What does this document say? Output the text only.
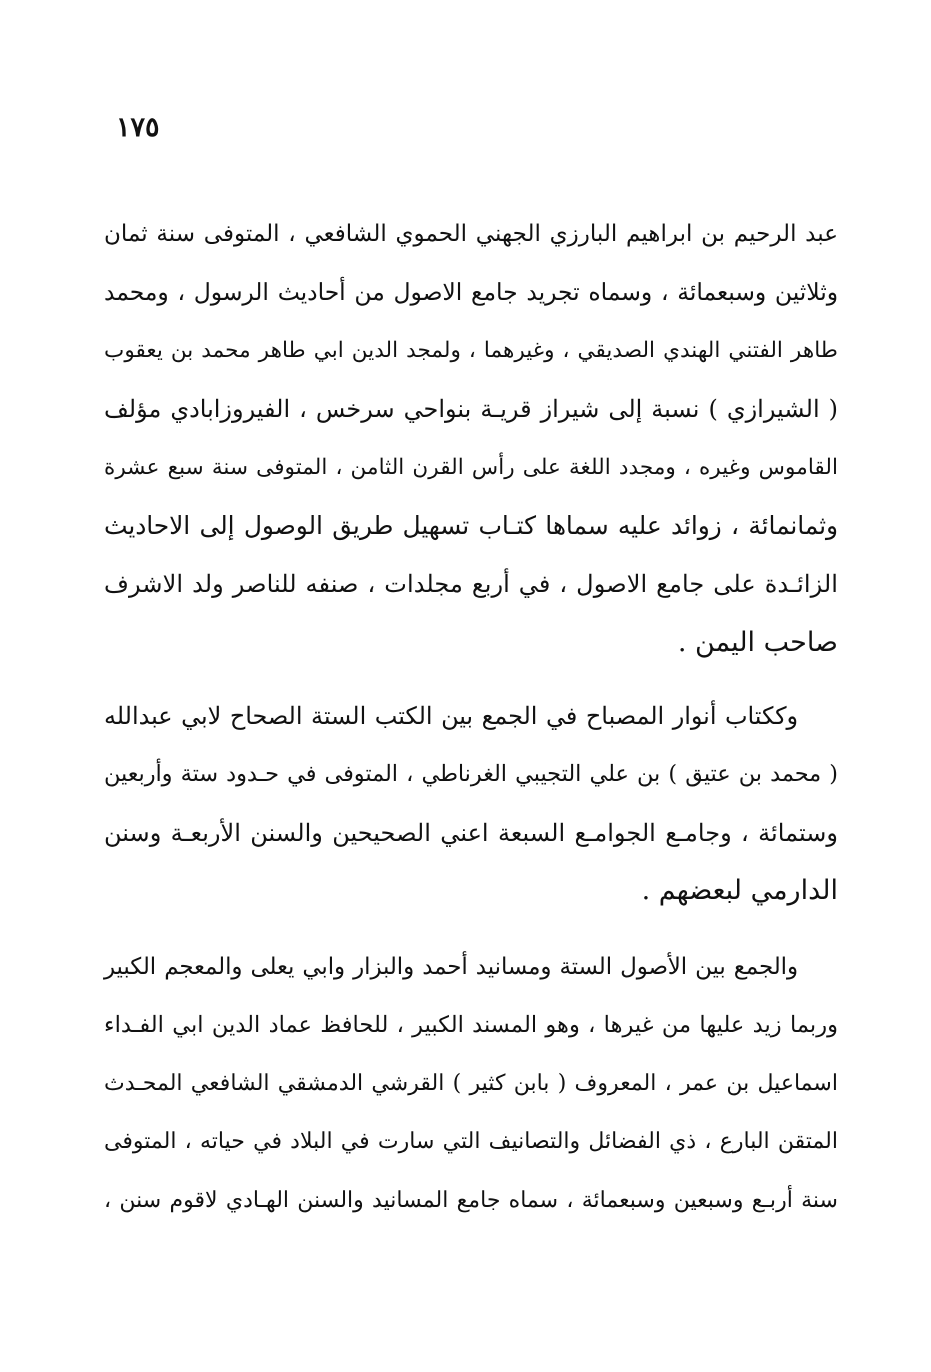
١٧٥
عبد الرحيم بن ابراهيم البارزي الجهني الحموي الشافعي ، المتوفى سنة ثمان
وثلاثين وسبعمائة ، وسماه تجريد جامع الاصول من أحاديث الرسول ، ومحمد
طاهر الفتني الهندي الصديقي ، وغيرهما ، ولمجد الدين ابي طاهر محمد بن يعقوب
( الشيرازي ) نسبة إلى شيراز قريـة بنواحي سرخس ، الفيروزابادي مؤلف
القاموس وغيره ، ومجدد اللغة على رأس القرن الثامن ، المتوفى سنة سبع عشرة
وثمانمائة ، زوائد عليه سماها كتـاب تسهيل طريق الوصول إلى الاحاديث
الزائـدة على جامع الاصول ، في أربع مجلدات ، صنفه للناصر ولد الاشرف
صاحب اليمن .
وككتاب أنوار المصباح في الجمع بين الكتب الستة الصحاح لابي عبدالله
( محمد بن عتيق ) بن علي التجيبي الغرناطي ، المتوفى في حـدود ستة وأربعين
وستمائة ، وجامـع الجوامـع السبعة اعني الصحيحين والسنن الأربعـة وسنن
الدارمي لبعضهم .
والجمع بين الأصول الستة ومسانيد أحمد والبزار وابي يعلى والمعجم الكبير
وربما زيد عليها من غيرها ، وهو المسند الكبير ، للحافظ عماد الدين ابي الفـداء
اسماعيل بن عمر ، المعروف ( بابن كثير ) القرشي الدمشقي الشافعي المحـدث
المتقن البارع ، ذي الفضائل والتصانيف التي سارت في البلاد في حياته ، المتوفى
سنة أربـع وسبعين وسبعمائة ، سماه جامع المسانيد والسنن الهـادي لاقوم سنن ،
